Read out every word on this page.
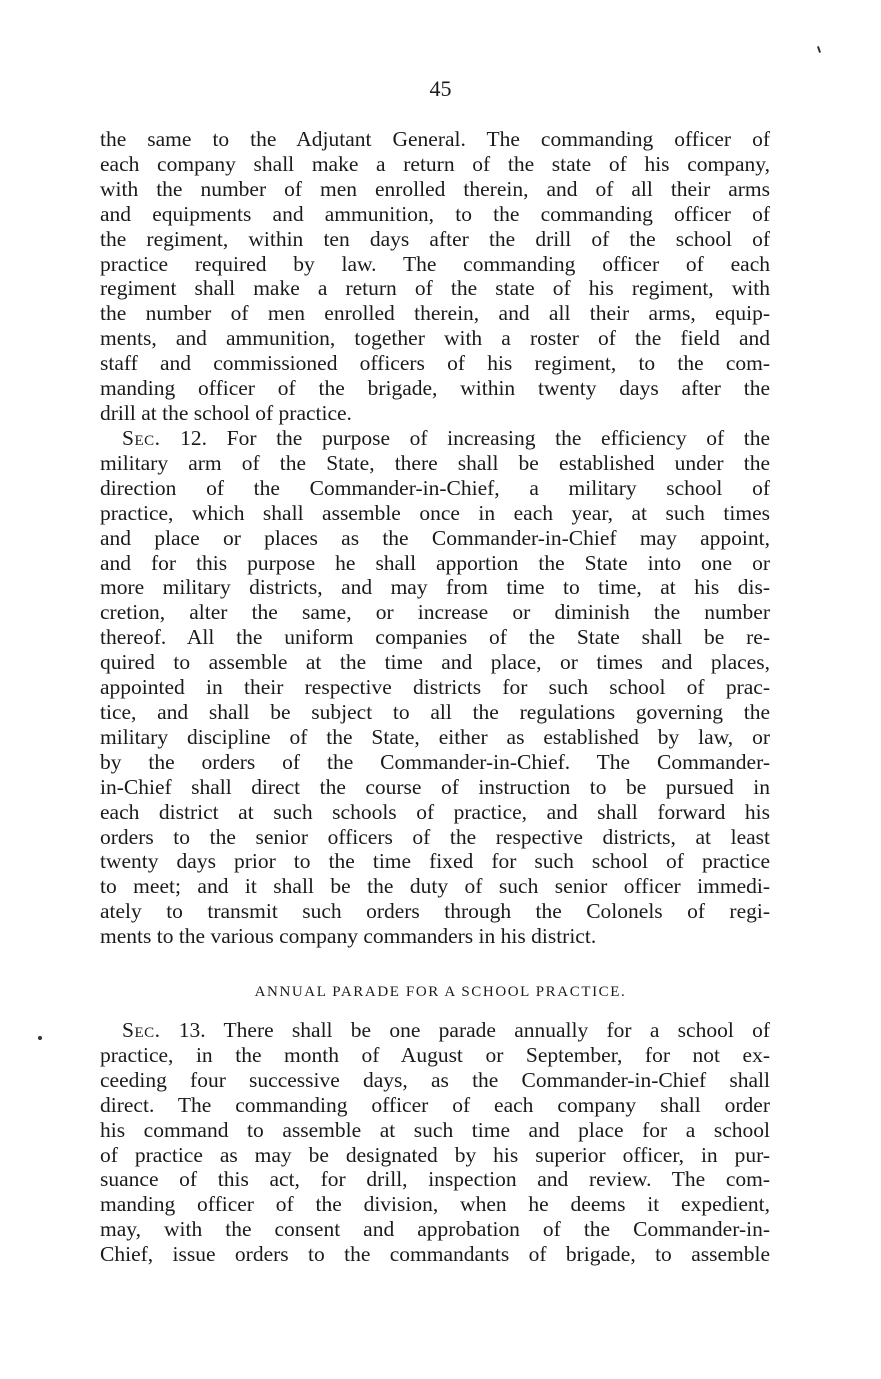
45
the same to the Adjutant General. The commanding officer of
each company shall make a return of the state of his company,
with the number of men enrolled therein, and of all their arms
and equipments and ammunition, to the commanding officer of
the regiment, within ten days after the drill of the school of
practice required by law. The commanding officer of each
regiment shall make a return of the state of his regiment, with
the number of men enrolled therein, and all their arms, equip-
ments, and ammunition, together with a roster of the field and
staff and commissioned officers of his regiment, to the com-
manding officer of the brigade, within twenty days after the
drill at the school of practice.
Sec. 12. For the purpose of increasing the efficiency of the
military arm of the State, there shall be established under the
direction of the Commander-in-Chief, a military school of
practice, which shall assemble once in each year, at such times
and place or places as the Commander-in-Chief may appoint,
and for this purpose he shall apportion the State into one or
more military districts, and may from time to time, at his dis-
cretion, alter the same, or increase or diminish the number
thereof. All the uniform companies of the State shall be re-
quired to assemble at the time and place, or times and places,
appointed in their respective districts for such school of prac-
tice, and shall be subject to all the regulations governing the
military discipline of the State, either as established by law, or
by the orders of the Commander-in-Chief. The Commander-
in-Chief shall direct the course of instruction to be pursued in
each district at such schools of practice, and shall forward his
orders to the senior officers of the respective districts, at least
twenty days prior to the time fixed for such school of practice
to meet; and it shall be the duty of such senior officer immedi-
ately to transmit such orders through the Colonels of regi-
ments to the various company commanders in his district.
ANNUAL PARADE FOR A SCHOOL PRACTICE.
Sec. 13. There shall be one parade annually for a school of
practice, in the month of August or September, for not ex-
ceeding four successive days, as the Commander-in-Chief shall
direct. The commanding officer of each company shall order
his command to assemble at such time and place for a school
of practice as may be designated by his superior officer, in pur-
suance of this act, for drill, inspection and review. The com-
manding officer of the division, when he deems it expedient,
may, with the consent and approbation of the Commander-in-
Chief, issue orders to the commandants of brigade, to assemble
